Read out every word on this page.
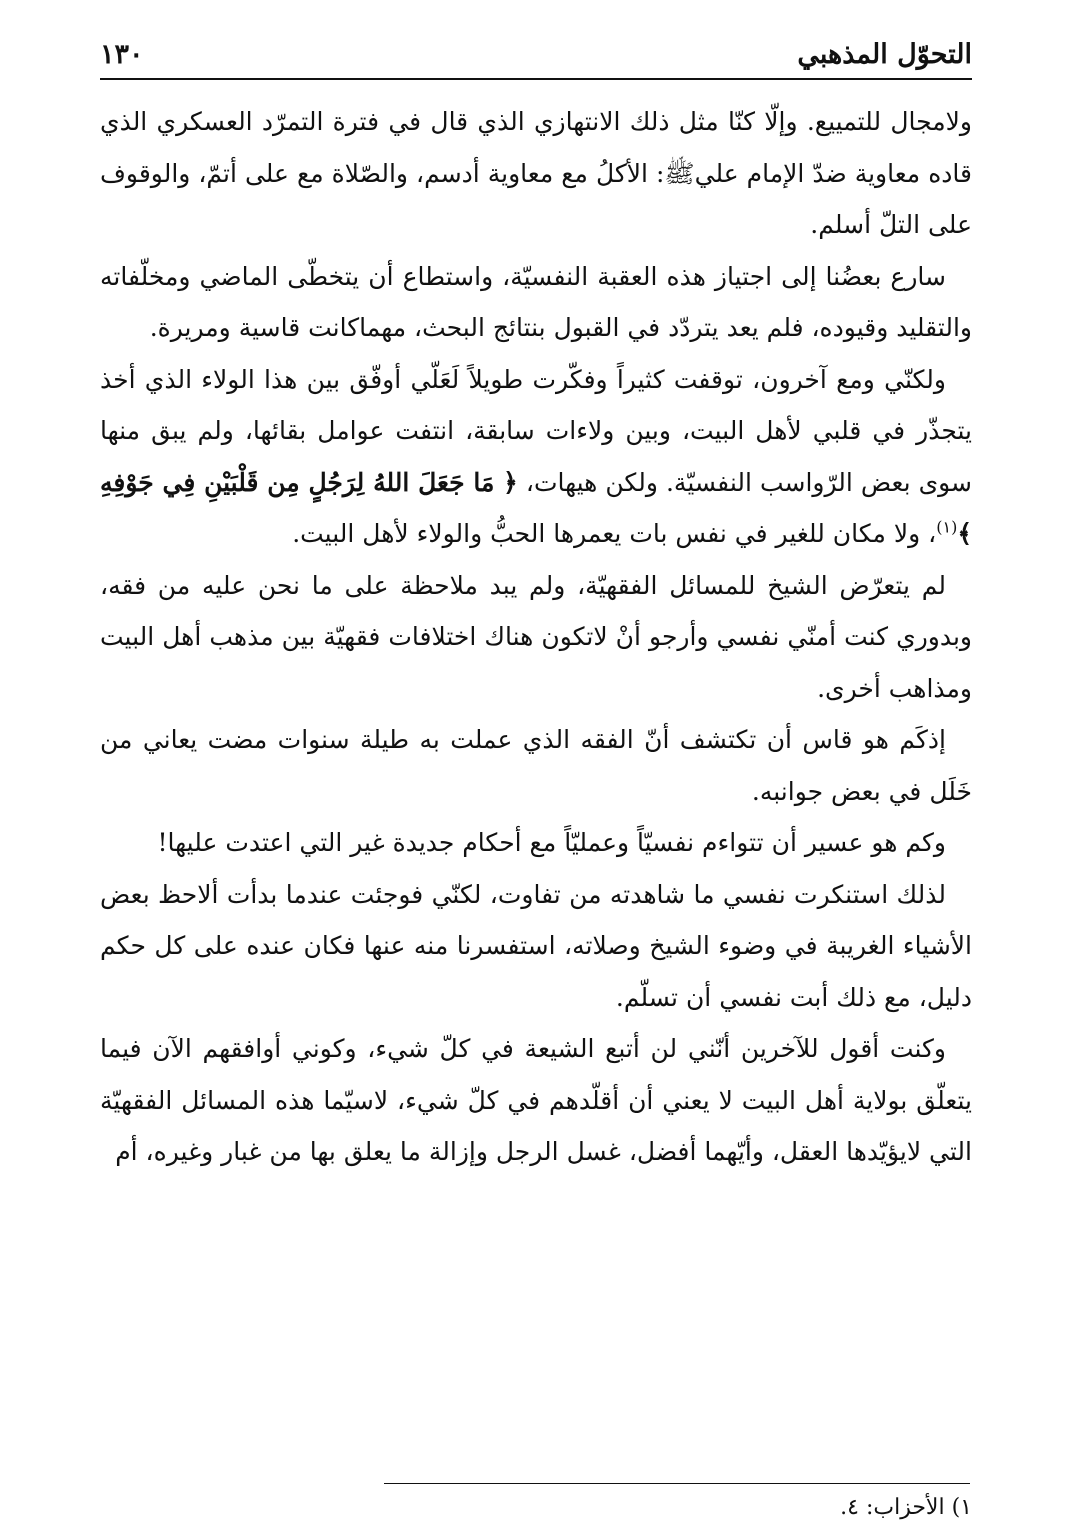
١٣٠	التحوّل المذهبي

ولامجال للتمييع. وإلّا كنّا مثل ذلك الانتهازي الذي قال في فترة التمرّد العسكري الذي قاده معاوية ضدّ الإمام عليﷺ: الأكلُ مع معاوية أدسم، والصّلاة مع على أتمّ، والوقوف على التلّ أسلم.

سارع بعضُنا إلى اجتياز هذه العقبة النفسيّة، واستطاع أن يتخطّى الماضي ومخلّفاته والتقليد وقيوده، فلم يعد يتردّد في القبول بنتائج البحث، مهماكانت قاسية ومريرة.

ولكنّي ومع آخرون، توقفت كثيراً وفكّرت طويلاً لَعَلّي أوفّق بين هذا الولاء الذي أخذ يتجذّر في قلبي لأهل البيت، وبين ولاءات سابقة، انتفت عوامل بقائها، ولم يبق منها سوى بعض الرّواسب النفسيّة. ولكن هيهات، ﴿ مَا جَعَلَ اللهُ لِرَجُلٍ مِن قَلْبَيْنِ فِي جَوْفِهِ ﴾$^{(١)}$، ولا مكان للغير في نفس بات يعمرها الحبُّ والولاء لأهل البيت.

لم يتعرّض الشيخ للمسائل الفقهيّة، ولم يبد ملاحظة على ما نحن عليه من فقه، وبدوري كنت أمنّي نفسي وأرجو أنْ لاتكون هناك اختلافات فقهيّة بين مذهب أهل البيت ومذاهب أخرى.

إذكَم هو قاس أن تكتشف أنّ الفقه الذي عملت به طيلة سنوات مضت يعاني من خَلَل في بعض جوانبه.

وكم هو عسير أن تتواءم نفسيّاً وعمليّاً مع أحكام جديدة غير التي اعتدت عليها!

لذلك استنكرت نفسي ما شاهدته من تفاوت، لكنّي فوجئت عندما بدأت ألاحظ بعض الأشياء الغريبة في وضوء الشيخ وصلاته، استفسرنا منه عنها فكان عنده على كل حكم دليل، مع ذلك أبت نفسي أن تسلّم.

وكنت أقول للآخرين أنّني لن أتبع الشيعة في كلّ شيء، وكوني أوافقهم الآن فيما يتعلّق بولاية أهل البيت لا يعني أن أقلّدهم في كلّ شيء، لاسيّما هذه المسائل الفقهيّة التي لايؤيّدها العقل، وأيّهما أفضل، غسل الرجل وإزالة ما يعلق بها من غبار وغيره، أم

١) الأحزاب: ٤.
